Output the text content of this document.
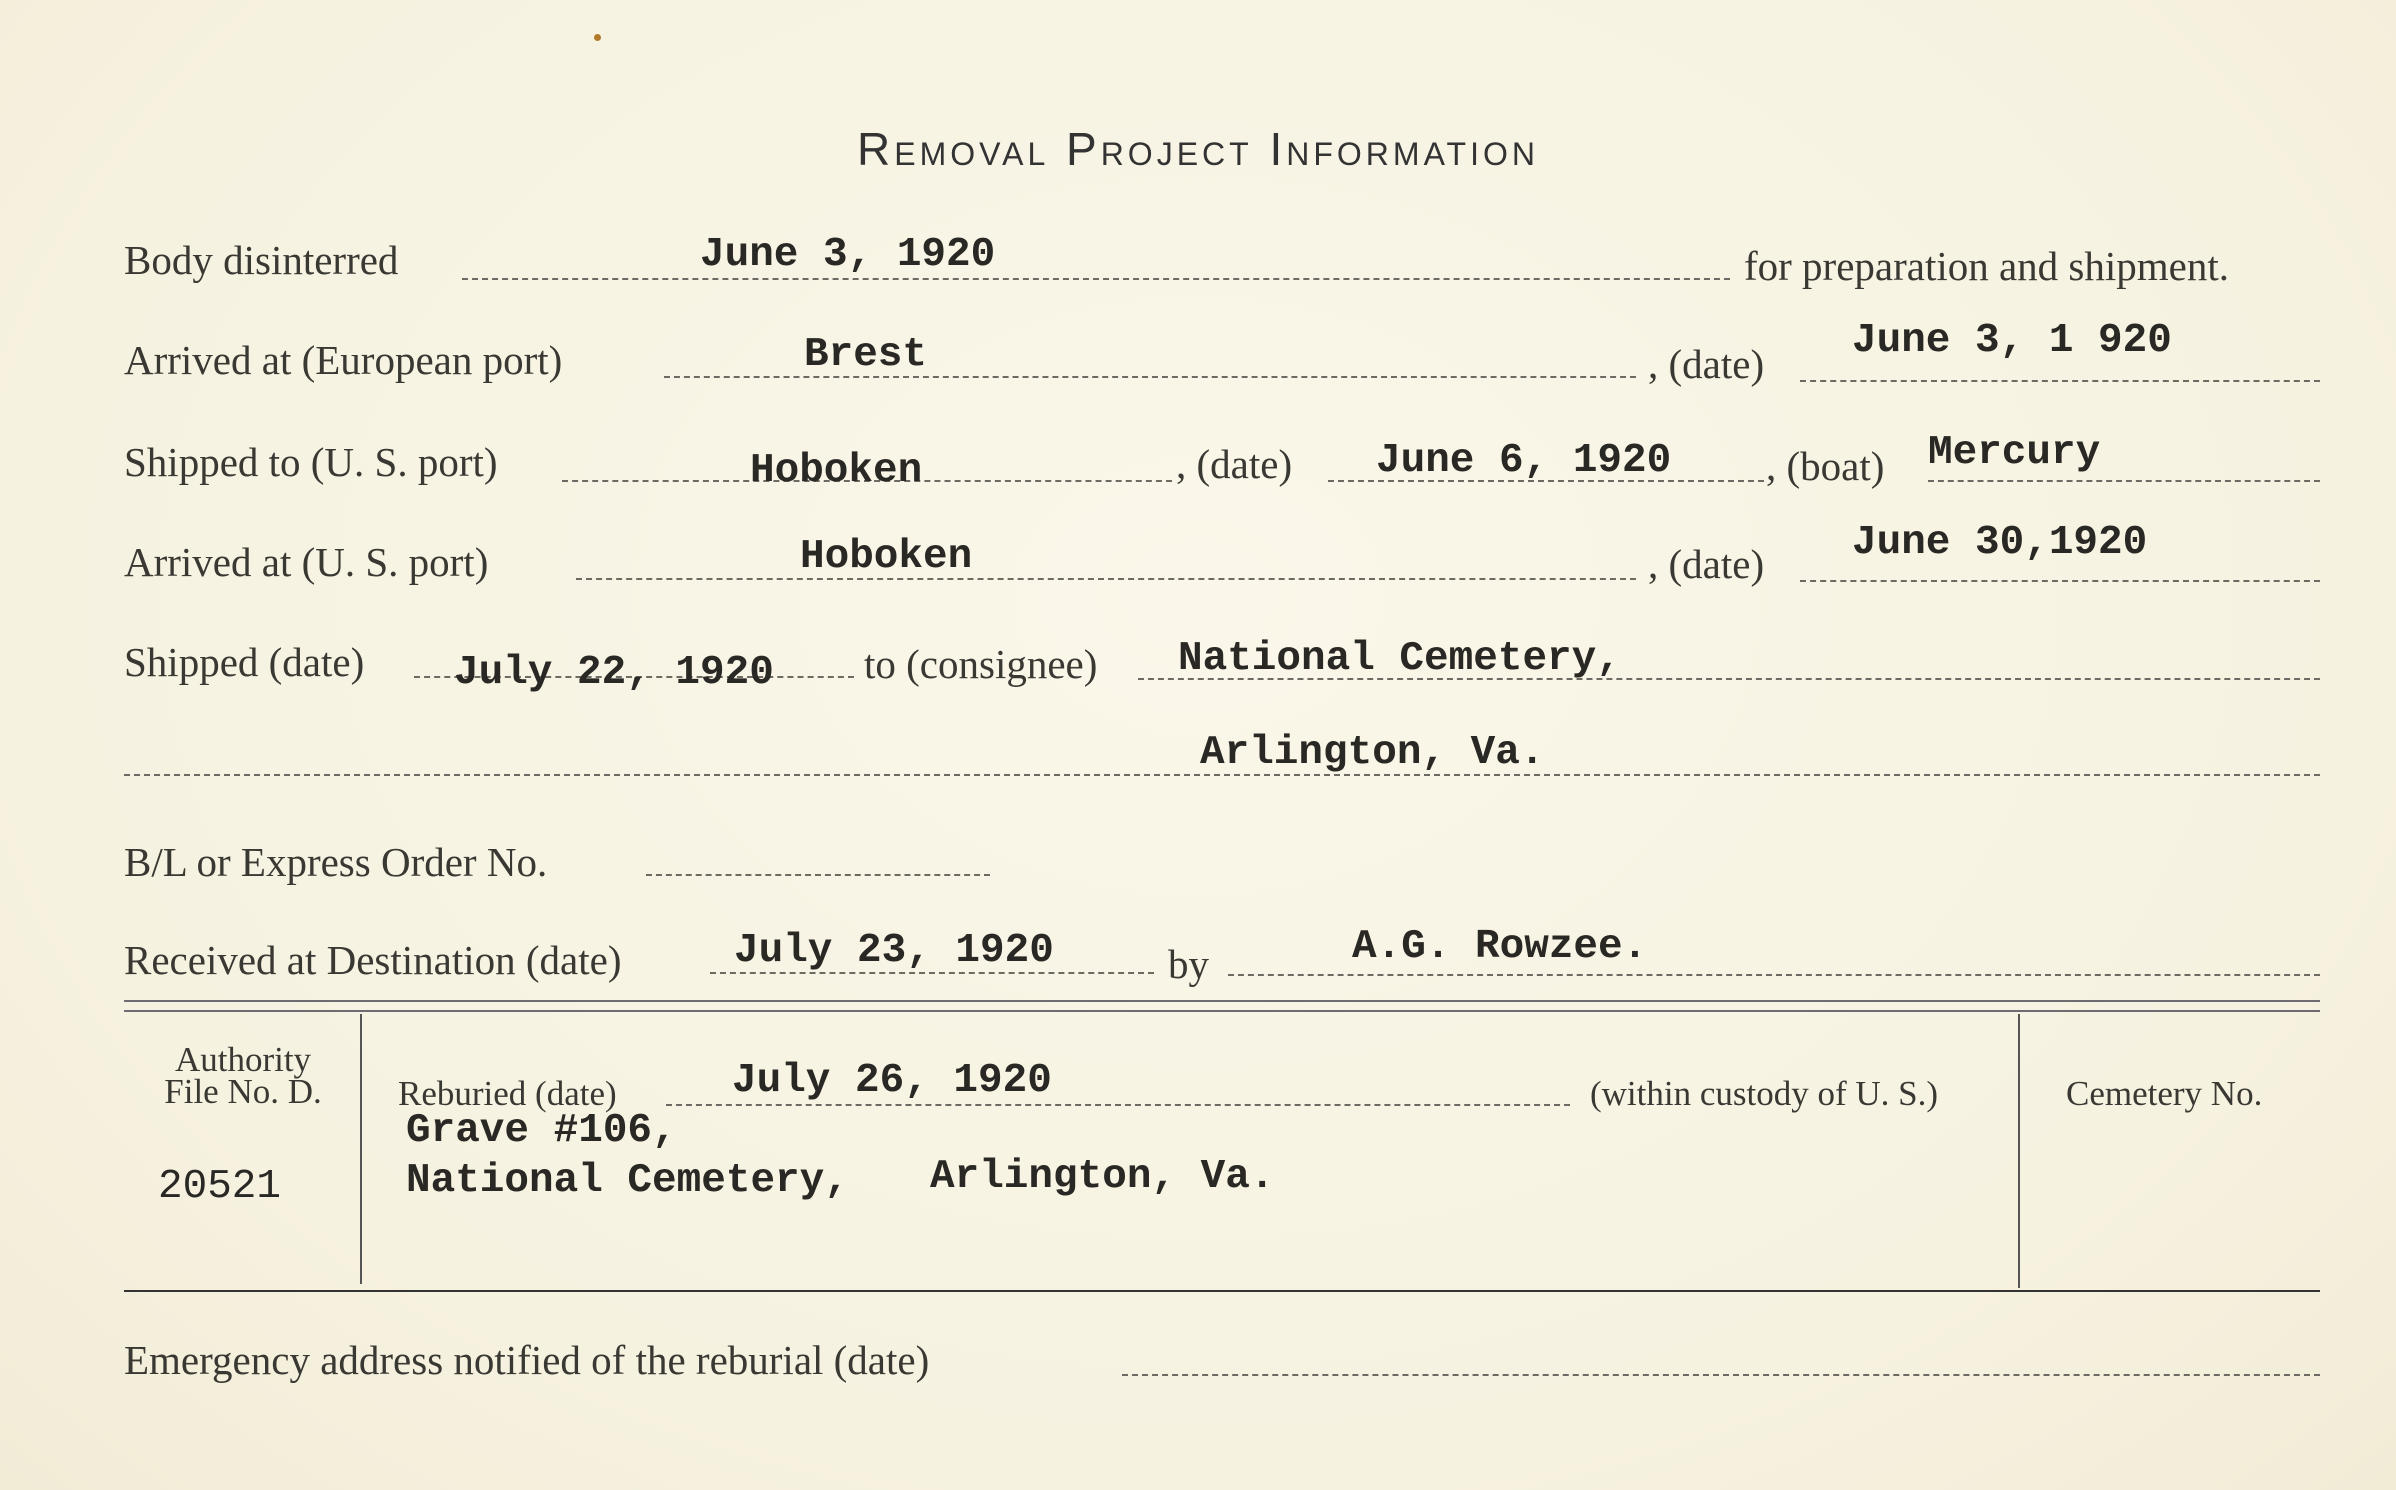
Removal Project Information
Body disinterred	June 3, 1920	for preparation and shipment.
Arrived at (European port)	Brest	, (date) June 3, 1 920
Shipped to (U. S. port)	Hoboken	, (date) June 6, 1920 , (boat) Mercury
Arrived at (U. S. port)	Hoboken	, (date) June 30,1920
Shipped (date) July 22, 1920 to (consignee) National Cemetery,
Arlington, Va.
B/L or Express Order No.
Received at Destination (date)	July 23, 1920	by	A.G. Rowzee.
Authority
File No. D.
20521
Reburied (date)	July 26, 1920	(within custody of U. S.)
Grave #106,
National Cemetery, Arlington, Va.
Cemetery No.
Emergency address notified of the reburial (date)
